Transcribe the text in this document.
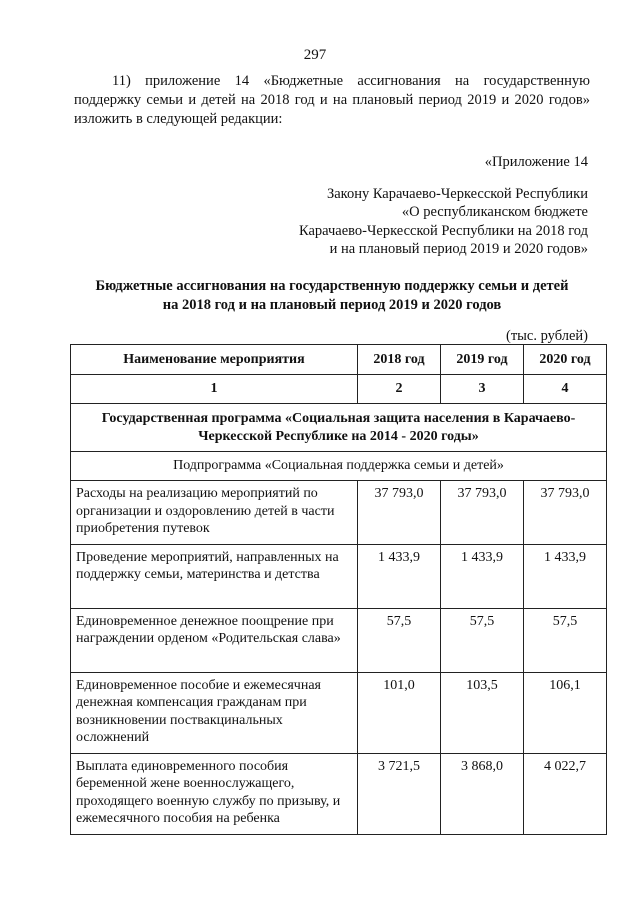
297
11) приложение 14 «Бюджетные ассигнования на государственную поддержку семьи и детей на 2018 год и на плановый период 2019 и 2020 годов» изложить в следующей редакции:
«Приложение 14
Закону Карачаево-Черкесской Республики
«О республиканском бюджете
Карачаево-Черкесской Республики на 2018 год
и на плановый период 2019 и 2020 годов»
Бюджетные ассигнования на государственную поддержку семьи и детей
на 2018 год и на плановый период 2019 и 2020 годов
(тыс. рублей)
Наименование мероприятия	2018 год	2019 год	2020 год
1	2	3	4
Государственная программа «Социальная защита населения в Карачаево-Черкесской Республике на 2014 - 2020 годы»			
Подпрограмма «Социальная поддержка семьи и детей»			
Расходы на реализацию мероприятий по организации и оздоровлению детей в части приобретения путевок	37 793,0	37 793,0	37 793,0
Проведение мероприятий, направленных на поддержку семьи, материнства и детства	1 433,9	1 433,9	1 433,9
Единовременное денежное поощрение при награждении орденом «Родительская слава»	57,5	57,5	57,5
Единовременное пособие и ежемесячная денежная компенсация гражданам при возникновении поствакцинальных осложнений	101,0	103,5	106,1
Выплата единовременного пособия беременной жене военнослужащего, проходящего военную службу по призыву, и ежемесячного пособия на ребенка	3 721,5	3 868,0	4 022,7
